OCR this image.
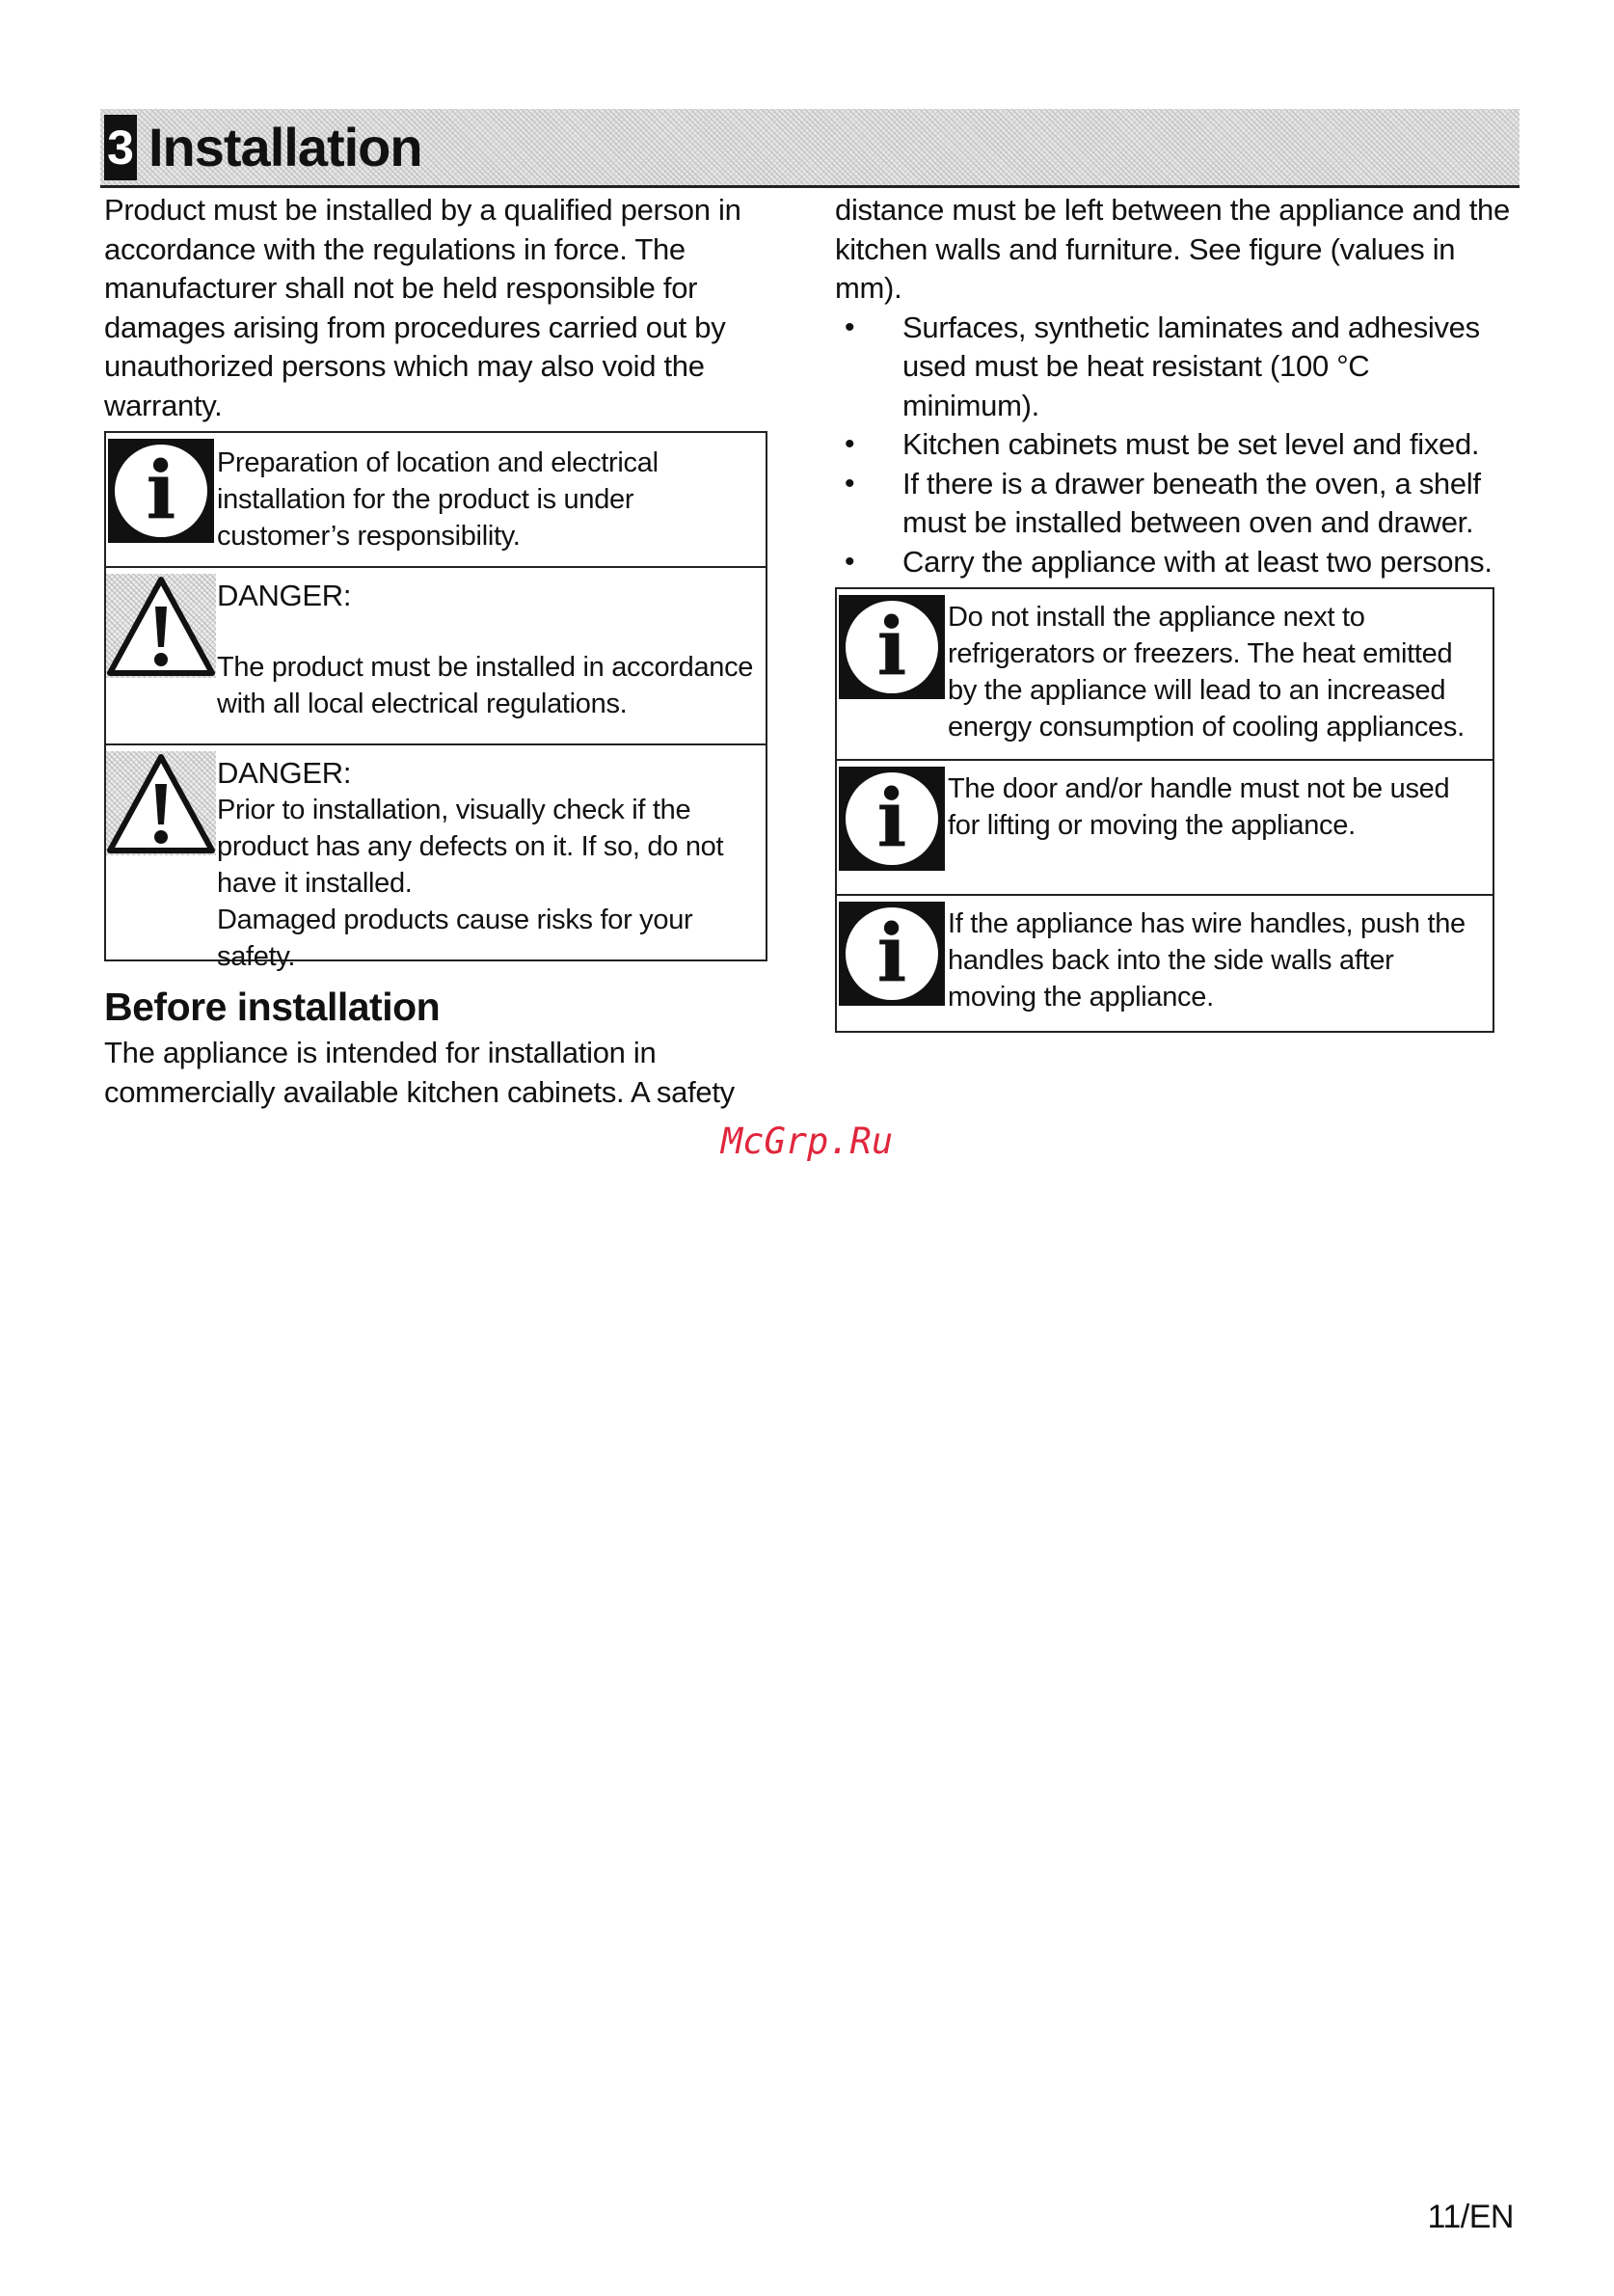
3 Installation

Product must be installed by a qualified person in accordance with the regulations in force. The manufacturer shall not be held responsible for damages arising from procedures carried out by unauthorized persons which may also void the warranty.

i Preparation of location and electrical installation for the product is under customer’s responsibility.
DANGER:
The product must be installed in accordance with all local electrical regulations.
DANGER:
Prior to installation, visually check if the product has any defects on it. If so, do not have it installed.
Damaged products cause risks for your safety.
Before installation

The appliance is intended for installation in commercially available kitchen cabinets. A safety

distance must be left between the appliance and the kitchen walls and furniture. See figure (values in mm).

• Surfaces, synthetic laminates and adhesives used must be heat resistant (100 °C minimum).
• Kitchen cabinets must be set level and fixed.
• If there is a drawer beneath the oven, a shelf must be installed between oven and drawer.
• Carry the appliance with at least two persons.
i Do not install the appliance next to refrigerators or freezers. The heat emitted by the appliance will lead to an increased energy consumption of cooling appliances.
i The door and/or handle must not be used for lifting or moving the appliance.
i If the appliance has wire handles, push the handles back into the side walls after moving the appliance.
McGrp.Ru
11/EN
